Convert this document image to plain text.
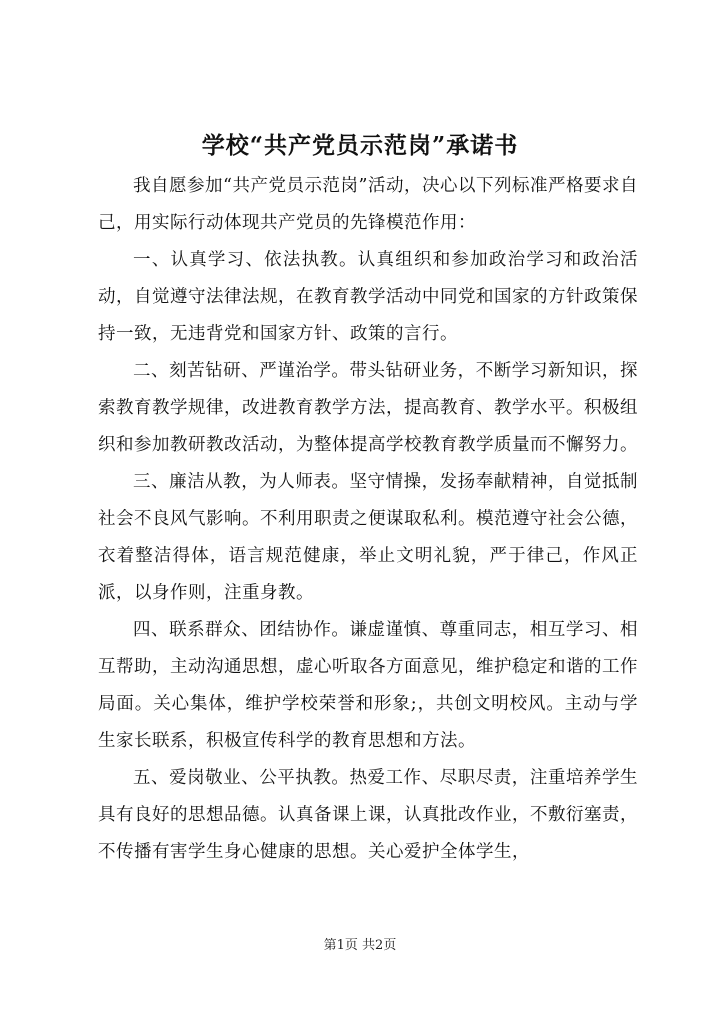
学校“共产党员示范岗”承诺书

我自愿参加“共产党员示范岗”活动，决心以下列标准严格要求自己，用实际行动体现共产党员的先锋模范作用：

一、认真学习、依法执教。认真组织和参加政治学习和政治活动，自觉遵守法律法规，在教育教学活动中同党和国家的方针政策保持一致，无违背党和国家方针、政策的言行。

二、刻苦钻研、严谨治学。带头钻研业务，不断学习新知识，探索教育教学规律，改进教育教学方法，提高教育、教学水平。积极组织和参加教研教改活动，为整体提高学校教育教学质量而不懈努力。

三、廉洁从教，为人师表。坚守情操，发扬奉献精神，自觉抵制社会不良风气影响。不利用职责之便谋取私利。模范遵守社会公德，衣着整洁得体，语言规范健康，举止文明礼貌，严于律己，作风正派，以身作则，注重身教。

四、联系群众、团结协作。谦虚谨慎、尊重同志，相互学习、相互帮助，主动沟通思想，虚心听取各方面意见，维护稳定和谐的工作局面。关心集体，维护学校荣誉和形象;，共创文明校风。主动与学生家长联系，积极宣传科学的教育思想和方法。

五、爱岗敬业、公平执教。热爱工作、尽职尽责，注重培养学生具有良好的思想品德。认真备课上课，认真批改作业，不敷衍塞责，不传播有害学生身心健康的思想。关心爱护全体学生，

第1页 共2页
